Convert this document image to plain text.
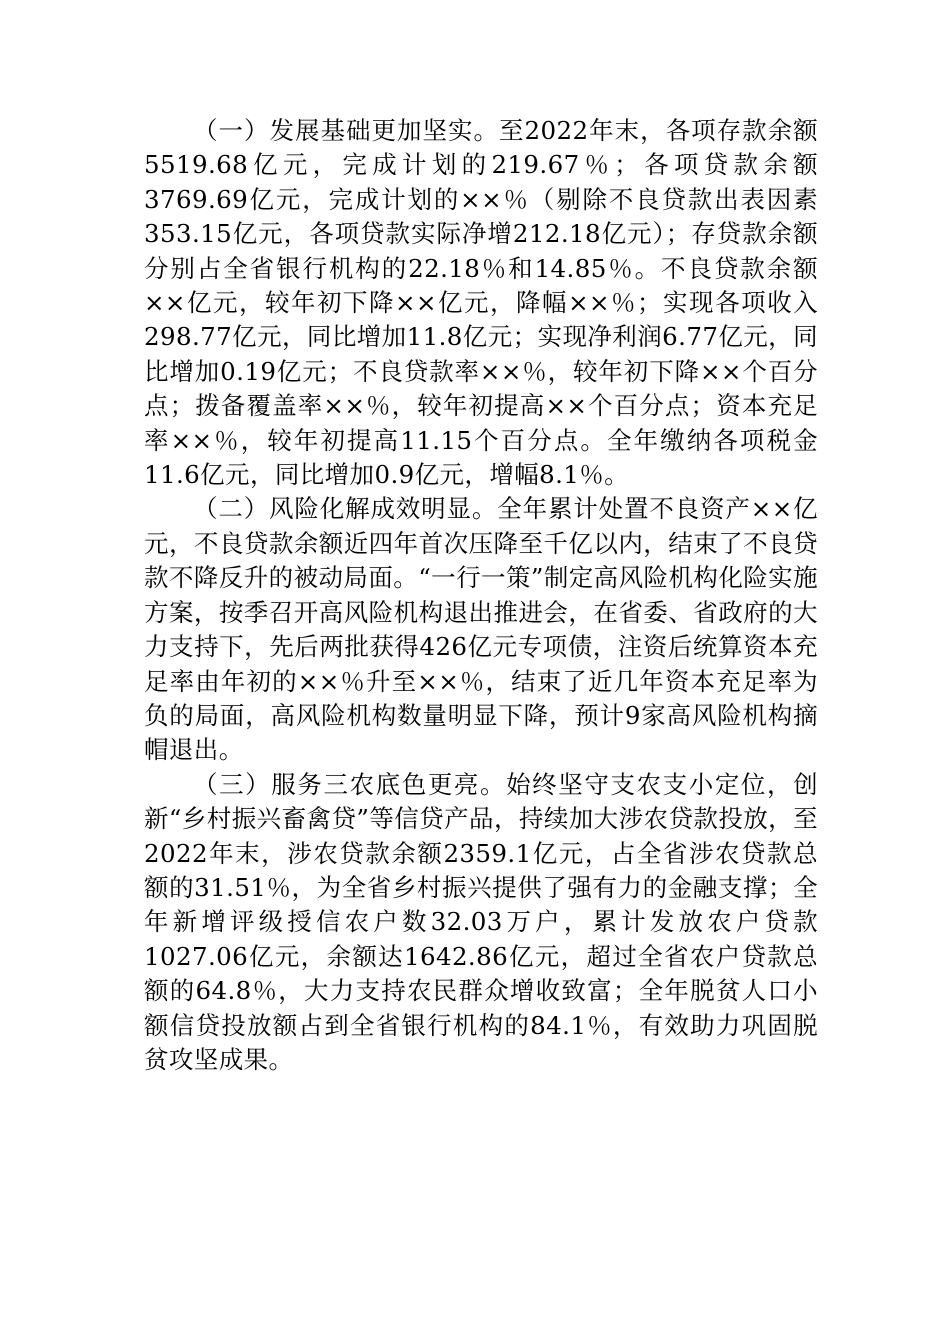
（一）发展基础更加坚实。至2022年末，各项存款余额5519.68亿元，完成计划的219.67％；各项贷款余额3769.69亿元，完成计划的××％（剔除不良贷款出表因素353.15亿元，各项贷款实际净增212.18亿元）；存贷款余额分别占全省银行机构的22.18％和14.85％。不良贷款余额××亿元，较年初下降××亿元，降幅××％；实现各项收入298.77亿元，同比增加11.8亿元；实现净利润6.77亿元，同比增加0.19亿元；不良贷款率××％，较年初下降××个百分点；拨备覆盖率××％，较年初提高××个百分点；资本充足率××％，较年初提高11.15个百分点。全年缴纳各项税金11.6亿元，同比增加0.9亿元，增幅8.1％。

（二）风险化解成效明显。全年累计处置不良资产××亿元，不良贷款余额近四年首次压降至千亿以内，结束了不良贷款不降反升的被动局面。“一行一策”制定高风险机构化险实施方案，按季召开高风险机构退出推进会，在省委、省政府的大力支持下，先后两批获得426亿元专项债，注资后统算资本充足率由年初的××％升至××％，结束了近几年资本充足率为负的局面，高风险机构数量明显下降，预计9家高风险机构摘帽退出。

（三）服务三农底色更亮。始终坚守支农支小定位，创新“乡村振兴畜禽贷”等信贷产品，持续加大涉农贷款投放，至2022年末，涉农贷款余额2359.1亿元，占全省涉农贷款总额的31.51％，为全省乡村振兴提供了强有力的金融支撑；全年新增评级授信农户数32.03万户，累计发放农户贷款1027.06亿元，余额达1642.86亿元，超过全省农户贷款总额的64.8％，大力支持农民群众增收致富；全年脱贫人口小额信贷投放额占到全省银行机构的84.1％，有效助力巩固脱贫攻坚成果。
